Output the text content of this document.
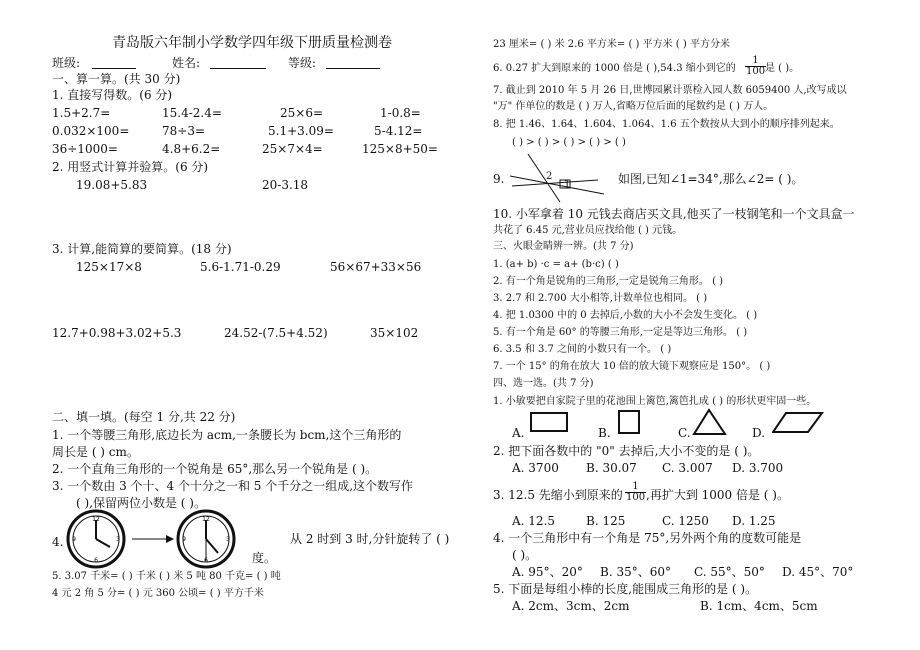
青岛版六年制小学数学四年级下册质量检测卷
班级:	姓名:	等级:
一、算一算。(共 30 分)
1. 直接写得数。(6 分)
1.5+2.7=	15.4-2.4=	25×6=	1-0.8=
0.032×100=	78÷3=	5.1+3.09=	5-4.12=
36÷1000=	4.8+6.2=	25×7×4=	125×8+50=
2. 用竖式计算并验算。(6 分)
19.08+5.83	20-3.18
3. 计算,能简算的要简算。(18 分)
125×17×8	5.6-1.71-0.29	56×67+33×56
12.7+0.98+3.02+5.3	24.52-(7.5+4.52)	35×102
二、填一填。(每空 1 分,共 22 分)
1. 一个等腰三角形,底边长为 acm,一条腰长为 bcm,这个三角形的
周长是 ( ) cm。
2. 一个直角三角形的一个锐角是 65°,那么另一个锐角是 ( )。
3. 一个数由 3 个十、4 个十分之一和 5 个千分之一组成,这个数写作
( ),保留两位小数是 ( )。
4.
12
3
6
9
12
3
6
9	从 2 时到 3 时,分针旋转了 ( )
度。
5. 3.07 千米= ( ) 千米 ( ) 米 5 吨 80 千克= ( ) 吨
4 元 2 角 5 分= ( ) 元 360 公顷= ( ) 平方千米
23 厘米= ( ) 米 2.6 平方米= ( ) 平方米 ( ) 平方分米
6. 0.27 扩大到原来的 1000 倍是 ( ),54.3 缩小到它的 $\frac{1}{100}$
是 ( )。
7. 截止到 2010 年 5 月 26 日,世博园累计票检入园人数 6059400 人,改写成以
"万" 作单位的数是 ( ) 万人,省略万位后面的尾数约是 ( ) 万人。
8. 把 1.46、1.64、1.604、1.064、1.6 五个数按从大到小的顺序排列起来。
( ) > ( ) > ( ) > ( ) > ( )
9.	2
1	如图,已知∠1=34°,那么∠2= ( )。
10. 小军拿着 10 元钱去商店买文具,他买了一枝钢笔和一个文具盒一
共花了 6.45 元,营业员应找给他 ( ) 元钱。
三、火眼金睛辨一辨。(共 7 分)
1. (a+ b) ·c = a+ (b·c) ( )
2. 有一个角是锐角的三角形,一定是锐角三角形。 ( )
3. 2.7 和 2.700 大小相等,计数单位也相同。 ( )
4. 把 1.0300 中的 0 去掉后,小数的大小不会发生变化。 ( )
5. 有一个角是 60° 的等腰三角形,一定是等边三角形。 ( )
6. 3.5 和 3.7 之间的小数只有一个。 ( )
7. 一个 15° 的角在放大 10 倍的放大镜下观察应是 150°。 ( )
四、选一选。(共 7 分)
1. 小敏要把自家院子里的花池围上篱笆,篱笆扎成 ( ) 的形状更牢固一些。
A.	B.	C.	D.
2. 把下面各数中的 "0" 去掉后,大小不变的是 ( )。
A. 3700 B. 30.07 C. 3.007 D. 3.700
3. 12.5 先缩小到原来的 $\frac{1}{100}$ ,再扩大到 1000 倍是 ( )。
A. 12.5	B. 125	C. 1250 D. 1.25
4. 一个三角形中有一个角是 75°,另外两个角的度数可能是
( )。
A. 95°、20° B. 35°、60° C. 55°、50° D. 45°、70°
5. 下面是每组小棒的长度,能围成三角形的是 ( )。
A. 2cm、3cm、2cm	B. 1cm、4cm、5cm
